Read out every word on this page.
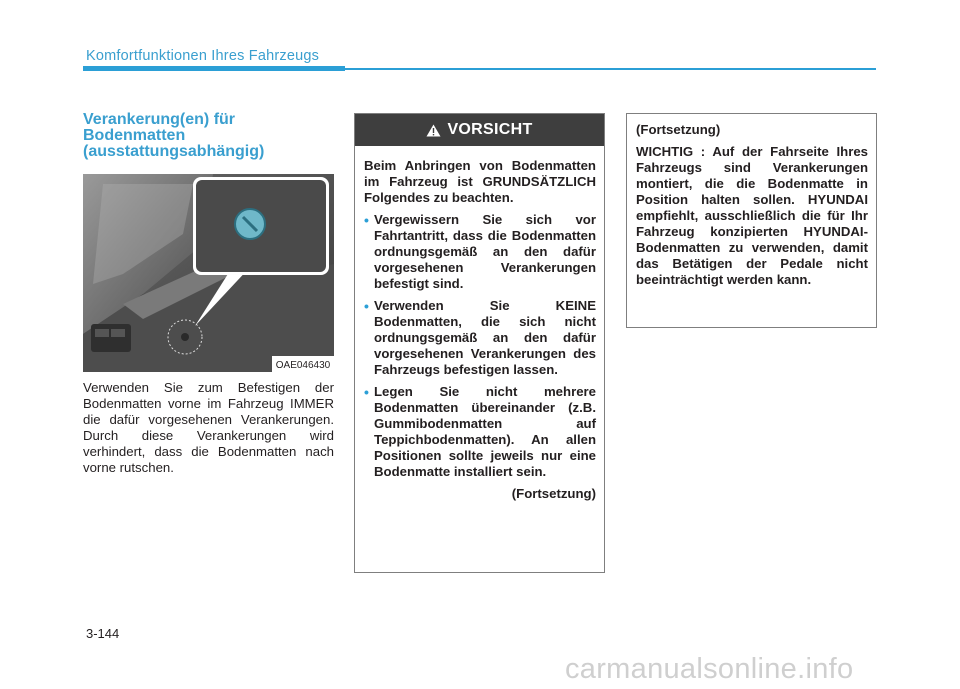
Komfortfunktionen Ihres Fahrzeugs
Verankerung(en) für
Bodenmatten
(ausstattungsabhängig)
OAE046430
Verwenden Sie zum Befestigen der Bodenmatten vorne im Fahrzeug IMMER die dafür vorgesehenen Verankerungen. Durch diese Verankerungen wird verhindert, dass die Bodenmatten nach vorne rutschen.
VORSICHT
Beim Anbringen von Bodenmatten im Fahrzeug ist GRUNDSÄTZLICH Folgendes zu beachten.
• Vergewissern Sie sich vor Fahrtantritt, dass die Bodenmatten ordnungsgemäß an den dafür vorgesehenen Verankerungen befestigt sind.
• Verwenden Sie KEINE Bodenmatten, die sich nicht ordnungsgemäß an den dafür vorgesehenen Verankerungen des Fahrzeugs befestigen lassen.
• Legen Sie nicht mehrere Bodenmatten übereinander (z.B. Gummibodenmatten auf Teppichbodenmatten). An allen Positionen sollte jeweils nur eine Bodenmatte installiert sein.
(Fortsetzung)
(Fortsetzung)
WICHTIG : Auf der Fahrseite Ihres Fahrzeugs sind Verankerungen montiert, die die Bodenmatte in Position halten sollen. HYUNDAI empfiehlt, ausschließlich die für Ihr Fahrzeug konzipierten HYUNDAI-Bodenmatten zu verwenden, damit das Betätigen der Pedale nicht beeinträchtigt werden kann.
3-144
carmanualsonline.info
